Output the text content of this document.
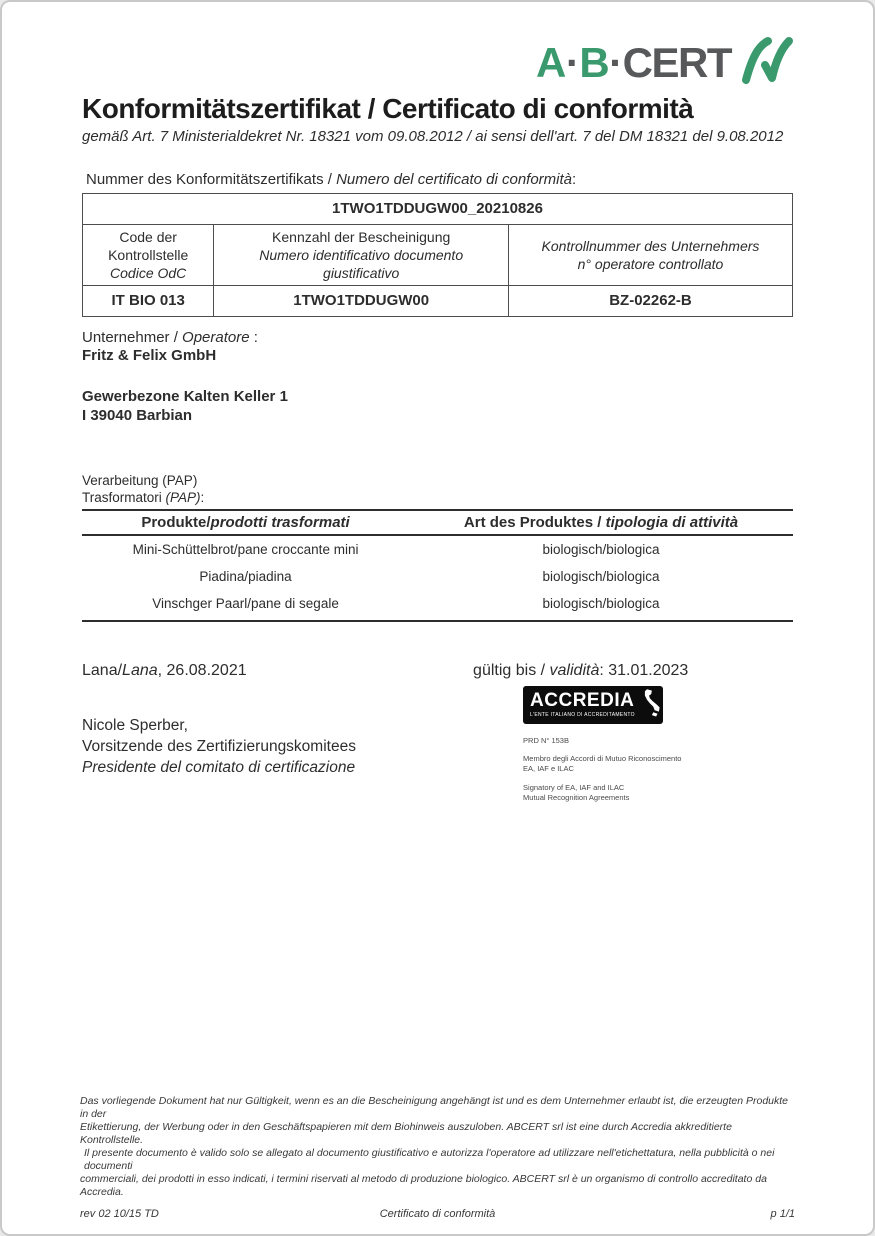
A·B·CERT
Konformitätszertifikat / Certificato di conformità
gemäß Art. 7 Ministerialdekret Nr. 18321 vom 09.08.2012 / ai sensi dell'art. 7 del DM 18321 del 9.08.2012
Nummer des Konformitätszertifikats / Numero del certificato di conformità:
1TWO1TDDUGW00_20210826		

Code der Kontrollstelle
Codice OdC

Kennzahl der Bescheinigung
Numero identificativo documento giustificativo

Kontrollnummer des Unternehmers
n° operatore controllato

IT BIO 013	1TWO1TDDUGW00	BZ-02262-B
Unternehmer / Operatore :
Fritz & Felix GmbH
Gewerbezone Kalten Keller 1
I 39040 Barbian
Verarbeitung (PAP)
Trasformatori (PAP):
Produkte/prodotti trasformati	Art des Produktes / tipologia di attività
Mini-Schüttelbrot/pane croccante mini	biologisch/biologica
Piadina/piadina	biologisch/biologica
Vinschger Paarl/pane di segale	biologisch/biologica
Lana/Lana, 26.08.2021	gültig bis / validità: 31.01.2023
Nicole Sperber,
Vorsitzende des Zertifizierungskomitees
Presidente del comitato di certificazione
ACCREDIA
L'ENTE ITALIANO DI ACCREDITAMENTO
PRD N° 153B
Membro degli Accordi di Mutuo Riconoscimento
EA, IAF e ILAC
Signatory of EA, IAF and ILAC
Mutual Recognition Agreements
Das vorliegende Dokument hat nur Gültigkeit, wenn es an die Bescheinigung angehängt ist und es dem Unternehmer erlaubt ist, die erzeugten Produkte in der
Etikettierung, der Werbung oder in den Geschäftspapieren mit dem Biohinweis auszuloben. ABCERT srl ist eine durch Accredia akkreditierte Kontrollstelle.
Il presente documento è valido solo se allegato al documento giustificativo e autorizza l'operatore ad utilizzare nell'etichettatura, nella pubblicità o nei documenti
commerciali, dei prodotti in esso indicati, i termini riservati al metodo di produzione biologico. ABCERT srl è un organismo di controllo accreditato da Accredia.
rev 02 10/15 TD	Certificato di conformità	p 1/1
